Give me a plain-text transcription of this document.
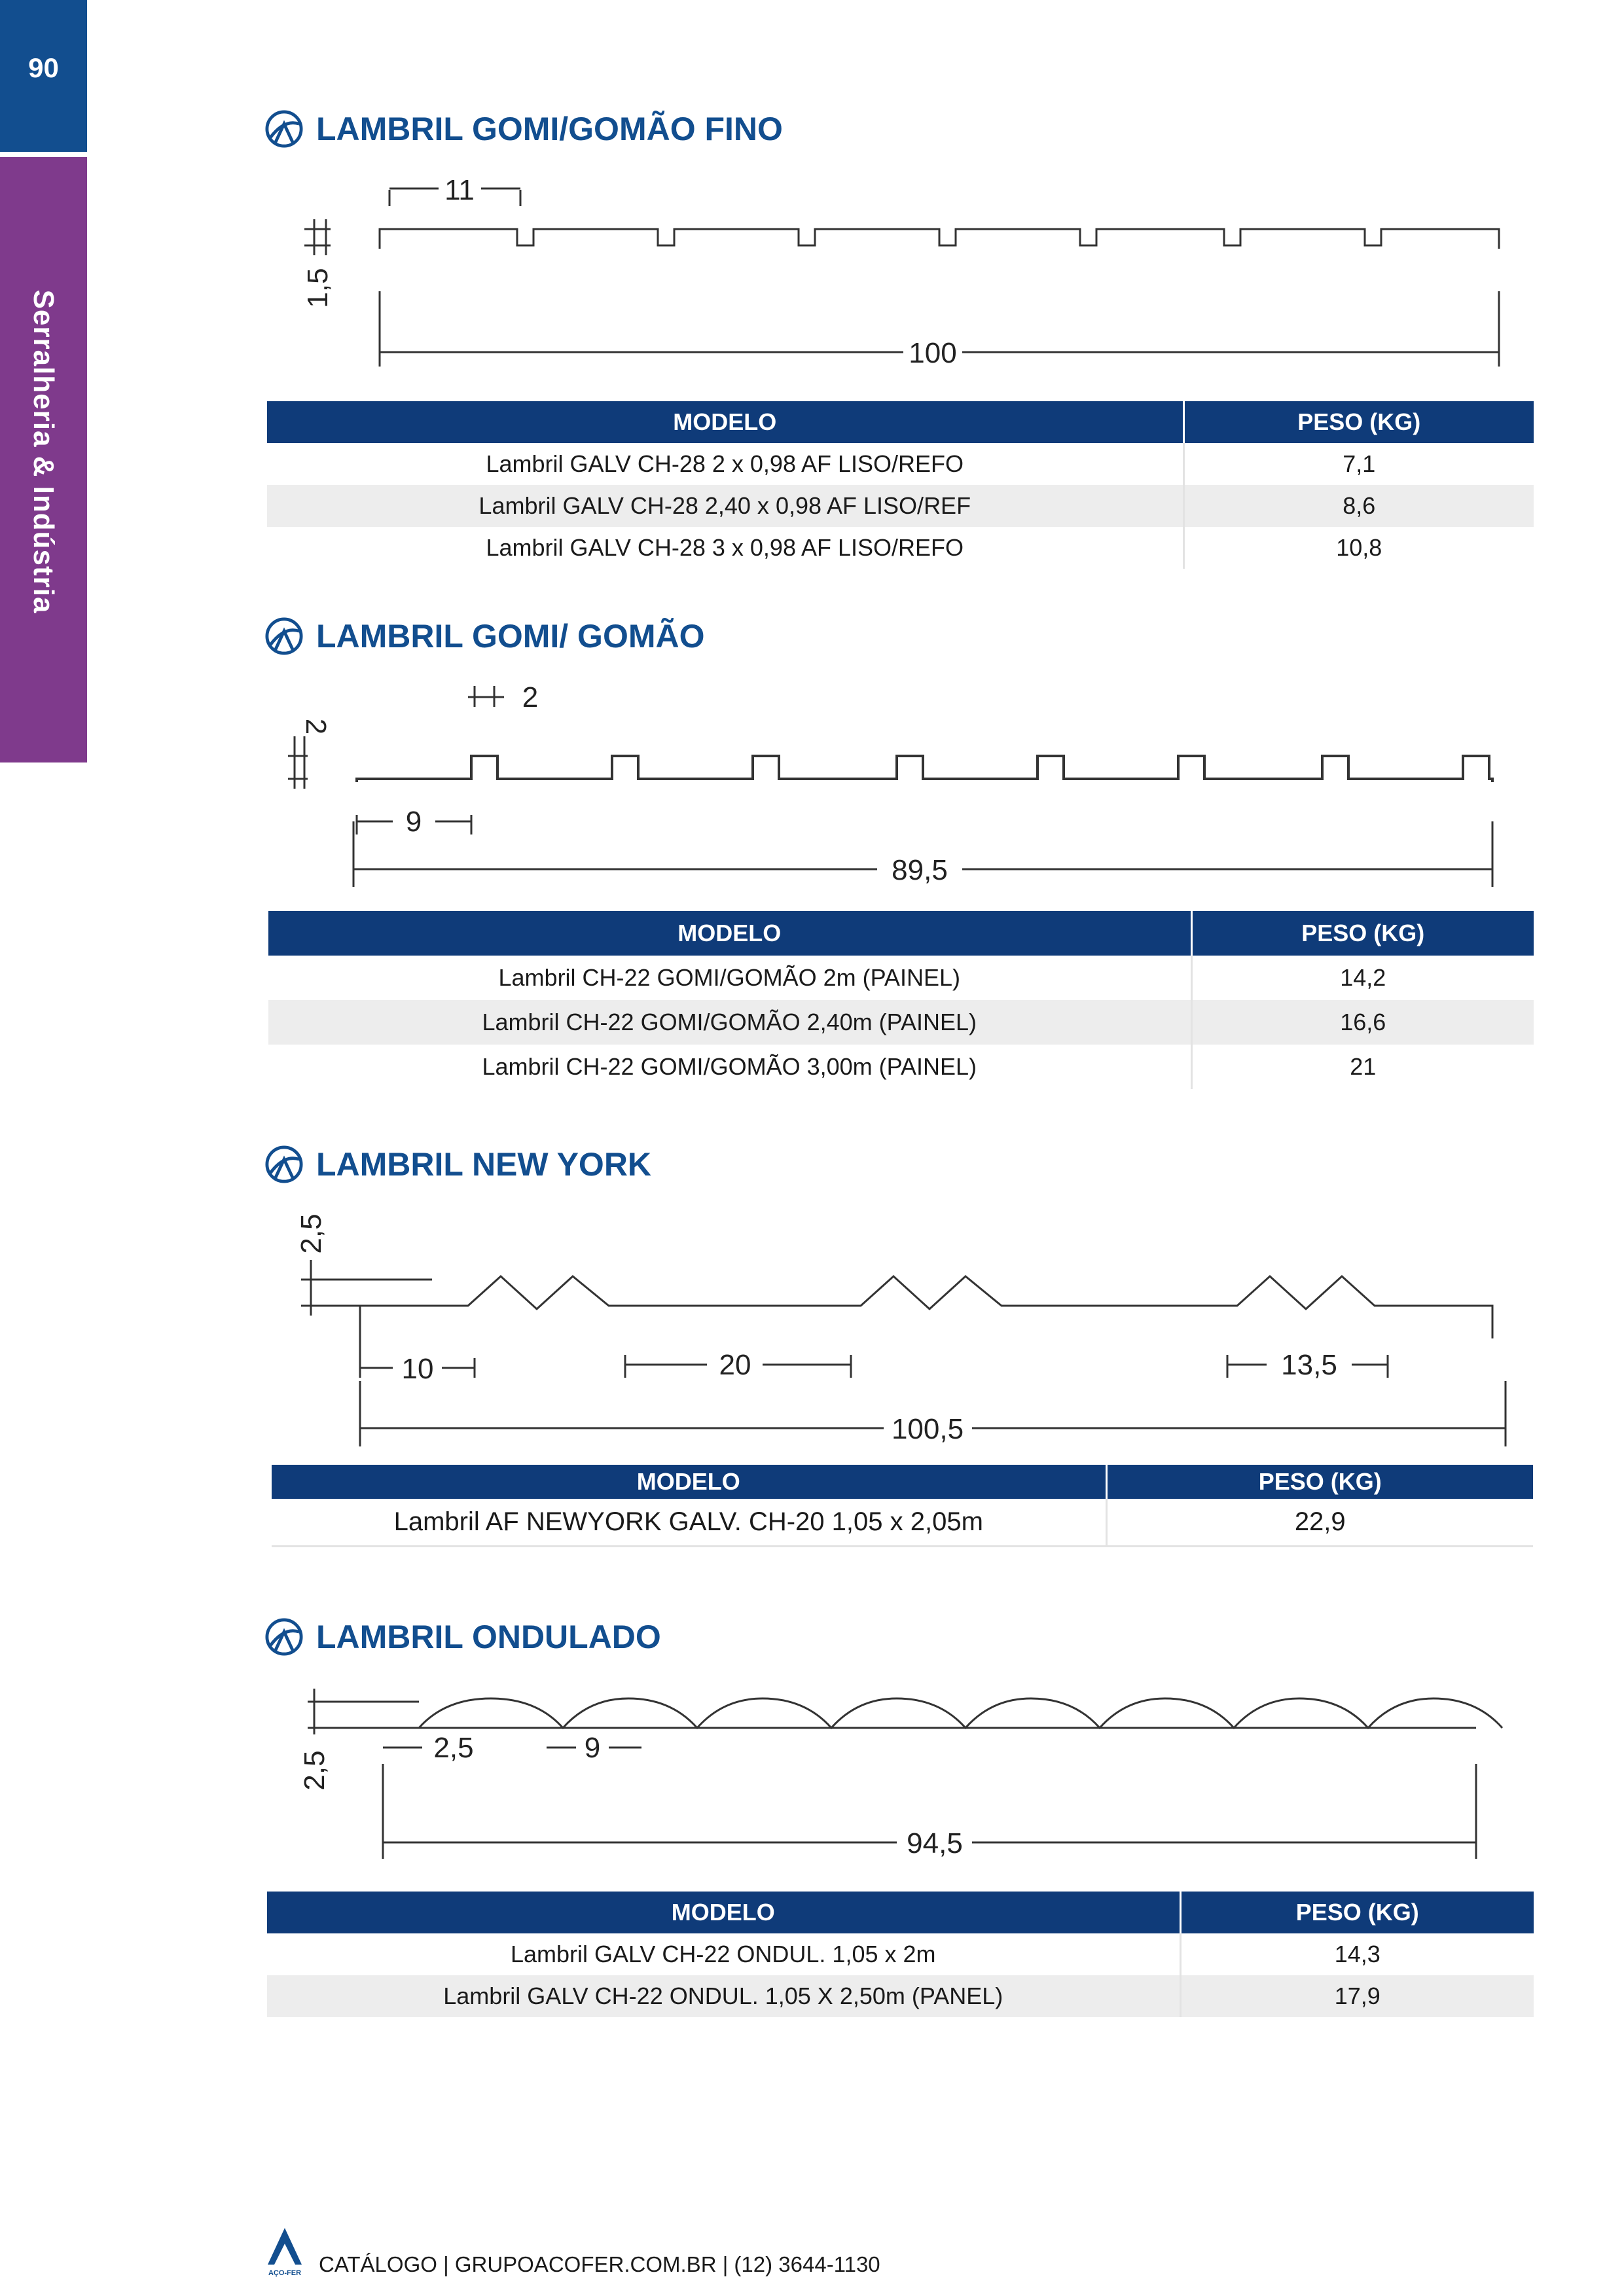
90
Serralheria & Indústria
LAMBRIL GOMI/GOMÃO FINO
11
1,5
100
MODELO	PESO (KG)
Lambril GALV CH-28 2 x 0,98 AF LISO/REFO	7,1
Lambril GALV CH-28 2,40 x 0,98 AF LISO/REF	8,6
Lambril GALV CH-28 3 x 0,98 AF LISO/REFO	10,8
LAMBRIL GOMI/ GOMÃO
2
2
9
89,5
MODELO	PESO (KG)
Lambril CH-22 GOMI/GOMÃO 2m (PAINEL)	14,2
Lambril CH-22 GOMI/GOMÃO 2,40m (PAINEL)	16,6
Lambril CH-22 GOMI/GOMÃO 3,00m (PAINEL)	21
LAMBRIL NEW YORK
2,5
10	20	13,5
100,5
MODELO	PESO (KG)
Lambril AF NEWYORK GALV. CH-20 1,05 x 2,05m	22,9
LAMBRIL ONDULADO
2,5
2,5	9
94,5
MODELO	PESO (KG)
Lambril GALV CH-22 ONDUL. 1,05 x 2m	14,3
Lambril GALV CH-22 ONDUL. 1,05 X 2,50m (PANEL)	17,9
AÇO-FER CATÁLOGO | GRUPOACOFER.COM.BR | (12) 3644-1130
